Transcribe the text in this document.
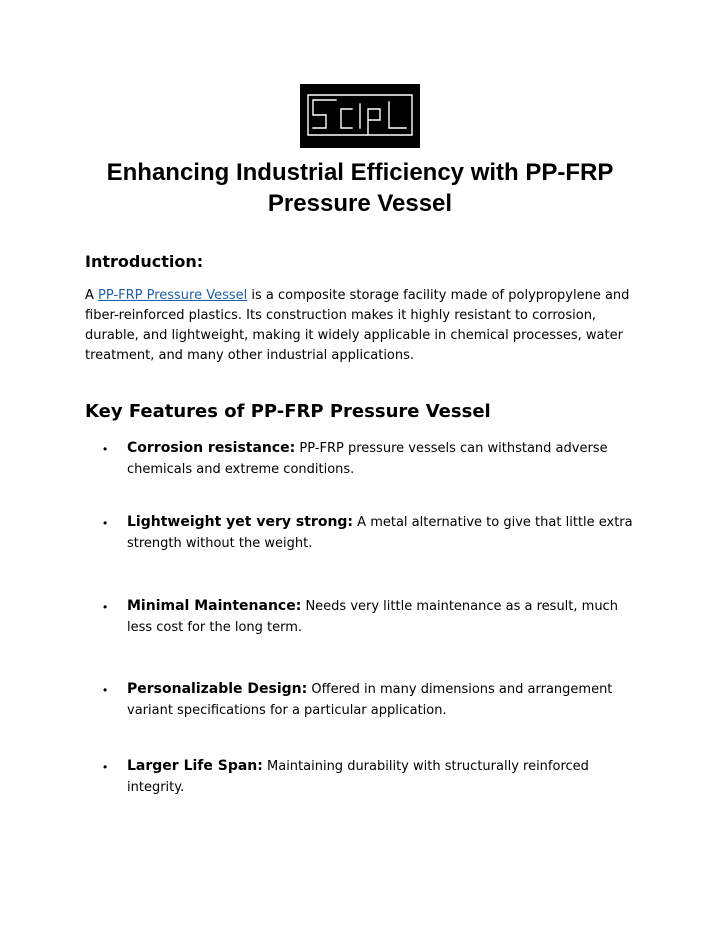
Enhancing Industrial Efficiency with PP-FRP Pressure Vessel
Introduction:

A PP-FRP Pressure Vessel is a composite storage facility made of polypropylene and fiber-reinforced plastics. Its construction makes it highly resistant to corrosion, durable, and lightweight, making it widely applicable in chemical processes, water treatment, and many other industrial applications.

Key Features of PP-FRP Pressure Vessel
• Corrosion resistance: PP-FRP pressure vessels can withstand adverse chemicals and extreme conditions.
• Lightweight yet very strong: A metal alternative to give that little extra strength without the weight.
• Minimal Maintenance: Needs very little maintenance as a result, much less cost for the long term.
• Personalizable Design: Offered in many dimensions and arrangement variant specifications for a particular application.
• Larger Life Span: Maintaining durability with structurally reinforced integrity.
